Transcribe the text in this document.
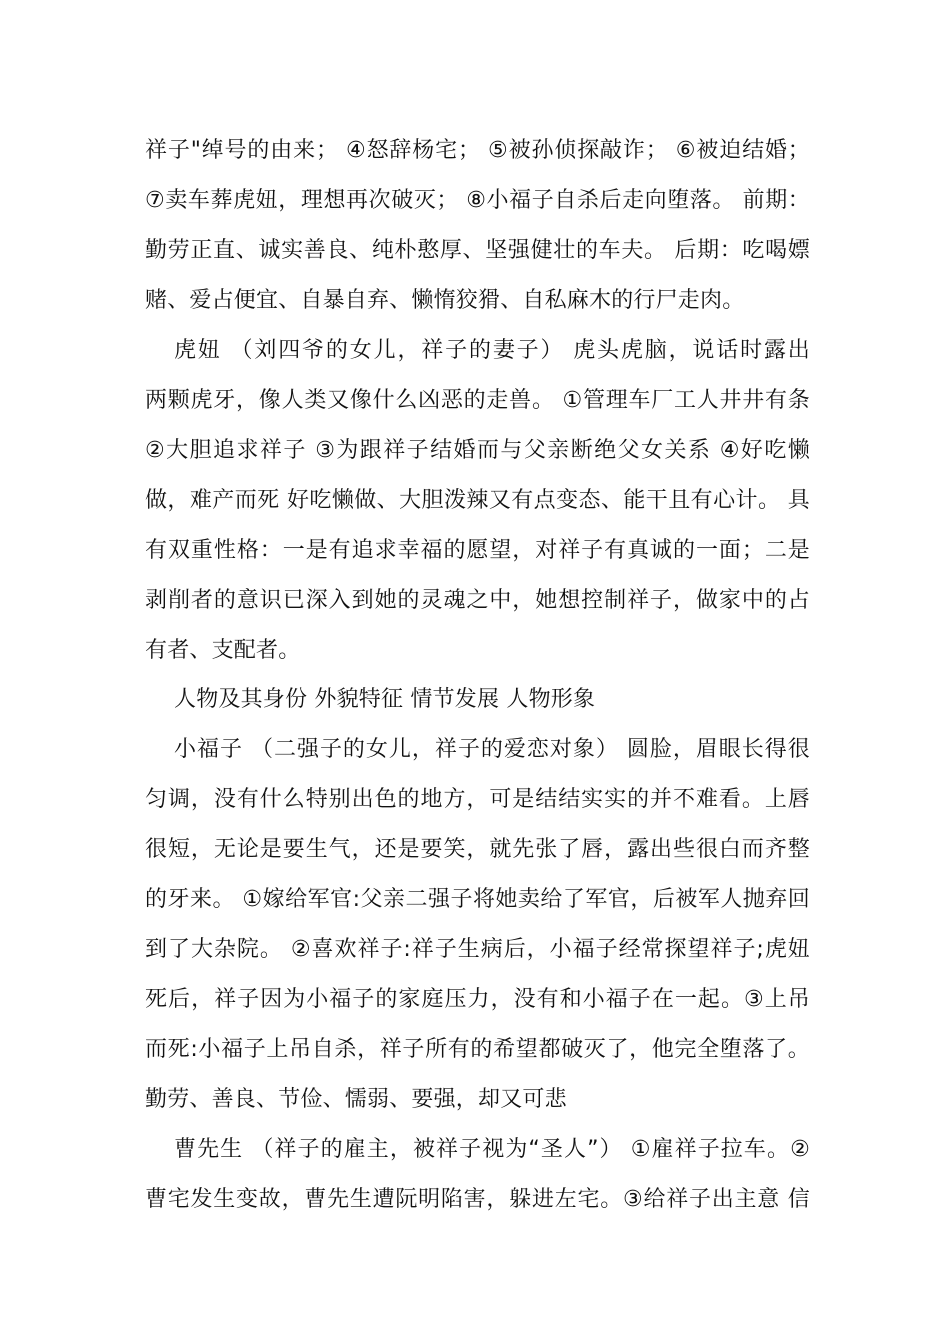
祥子"绰号的由来； ④怒辞杨宅； ⑤被孙侦探敲诈； ⑥被迫结婚；
⑦卖车葬虎妞，理想再次破灭； ⑧小福子自杀后走向堕落。 前期：
勤劳正直、诚实善良、纯朴憨厚、坚强健壮的车夫。 后期：吃喝嫖
赌、爱占便宜、自暴自弃、懒惰狡猾、自私麻木的行尸走肉。
虎妞 （刘四爷的女儿，祥子的妻子） 虎头虎脑，说话时露出
两颗虎牙，像人类又像什么凶恶的走兽。 ①管理车厂工人井井有条
②大胆追求祥子 ③为跟祥子结婚而与父亲断绝父女关系 ④好吃懒
做，难产而死 好吃懒做、大胆泼辣又有点变态、能干且有心计。 具
有双重性格：一是有追求幸福的愿望，对祥子有真诚的一面；二是
剥削者的意识已深入到她的灵魂之中，她想控制祥子，做家中的占
有者、支配者。
人物及其身份 外貌特征 情节发展 人物形象
小福子 （二强子的女儿，祥子的爱恋对象） 圆脸，眉眼长得很
匀调，没有什么特别出色的地方，可是结结实实的并不难看。上唇
很短，无论是要生气，还是要笑，就先张了唇，露出些很白而齐整
的牙来。 ①嫁给军官:父亲二强子将她卖给了军官，后被军人抛弃回
到了大杂院。 ②喜欢祥子:祥子生病后，小福子经常探望祥子;虎妞
死后，祥子因为小福子的家庭压力，没有和小福子在一起。③上吊
而死:小福子上吊自杀，祥子所有的希望都破灭了，他完全堕落了。
勤劳、善良、节俭、懦弱、要强，却又可悲
曹先生 （祥子的雇主，被祥子视为“圣人”） ①雇祥子拉车。②
曹宅发生变故，曹先生遭阮明陷害，躲进左宅。③给祥子出主意 信
